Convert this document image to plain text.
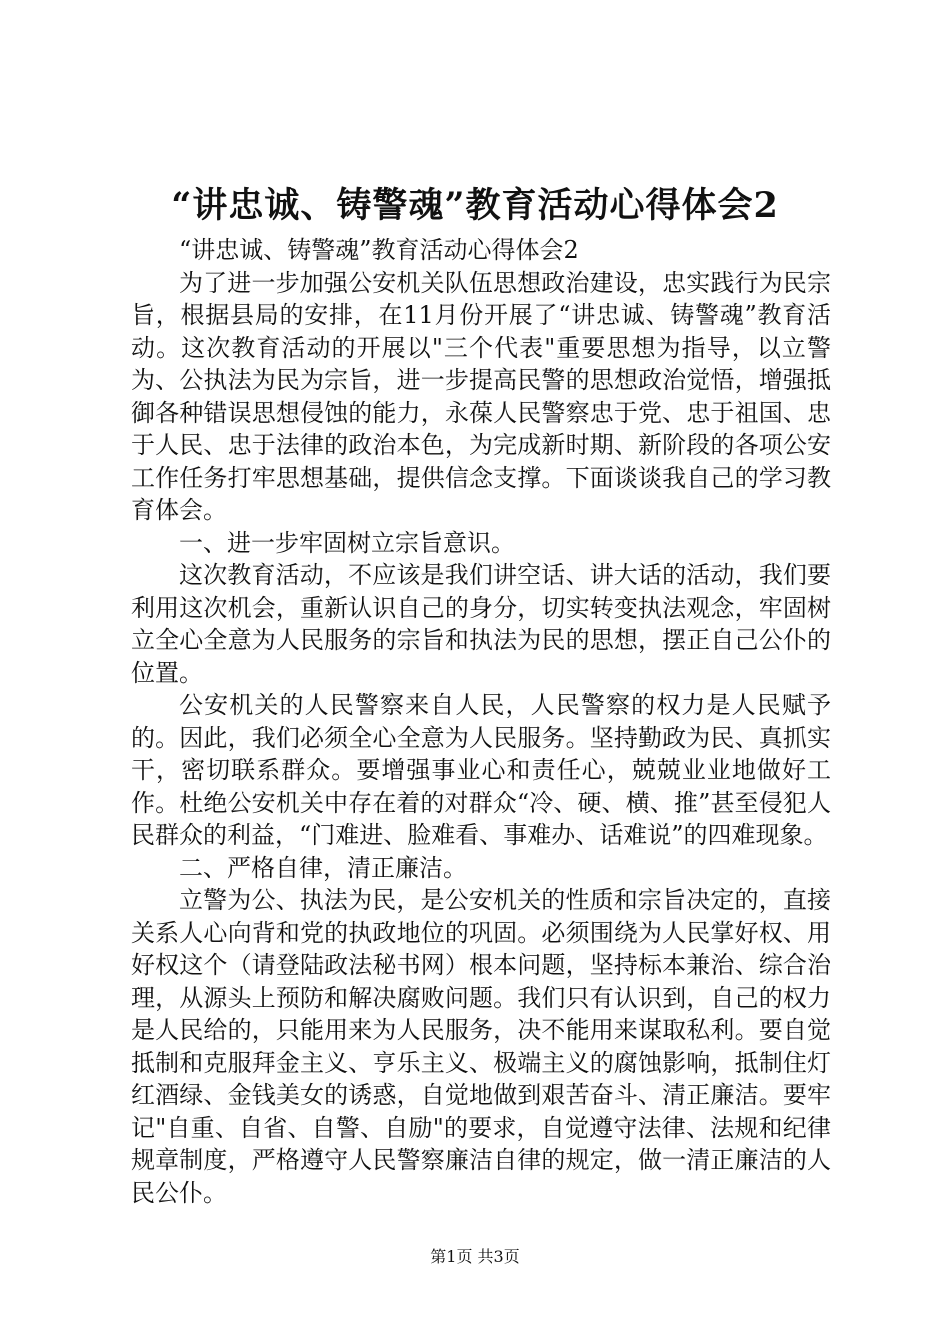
“讲忠诚、铸警魂”教育活动心得体会2

“讲忠诚、铸警魂”教育活动心得体会2

为了进一步加强公安机关队伍思想政治建设，忠实践行为民宗旨，根据县局的安排，在11月份开展了“讲忠诚、铸警魂”教育活动。这次教育活动的开展以"三个代表"重要思想为指导，以立警为、公执法为民为宗旨，进一步提高民警的思想政治觉悟，增强抵御各种错误思想侵蚀的能力，永葆人民警察忠于党、忠于祖国、忠于人民、忠于法律的政治本色，为完成新时期、新阶段的各项公安工作任务打牢思想基础，提供信念支撑。下面谈谈我自己的学习教育体会。

一、进一步牢固树立宗旨意识。

这次教育活动，不应该是我们讲空话、讲大话的活动，我们要利用这次机会，重新认识自己的身分，切实转变执法观念，牢固树立全心全意为人民服务的宗旨和执法为民的思想，摆正自己公仆的位置。

公安机关的人民警察来自人民，人民警察的权力是人民赋予的。因此，我们必须全心全意为人民服务。坚持勤政为民、真抓实干，密切联系群众。要增强事业心和责任心，兢兢业业地做好工作。杜绝公安机关中存在着的对群众“冷、硬、横、推”甚至侵犯人民群众的利益，“门难进、脸难看、事难办、话难说”的四难现象。

二、严格自律，清正廉洁。

立警为公、执法为民，是公安机关的性质和宗旨决定的，直接关系人心向背和党的执政地位的巩固。必须围绕为人民掌好权、用好权这个（请登陆政法秘书网）根本问题，坚持标本兼治、综合治理，从源头上预防和解决腐败问题。我们只有认识到，自己的权力是人民给的，只能用来为人民服务，决不能用来谋取私利。要自觉抵制和克服拜金主义、亨乐主义、极端主义的腐蚀影响，抵制住灯红酒绿、金钱美女的诱惑，自觉地做到艰苦奋斗、清正廉洁。要牢记"自重、自省、自警、自励"的要求，自觉遵守法律、法规和纪律规章制度，严格遵守人民警察廉洁自律的规定，做一清正廉洁的人民公仆。

第1页 共3页
